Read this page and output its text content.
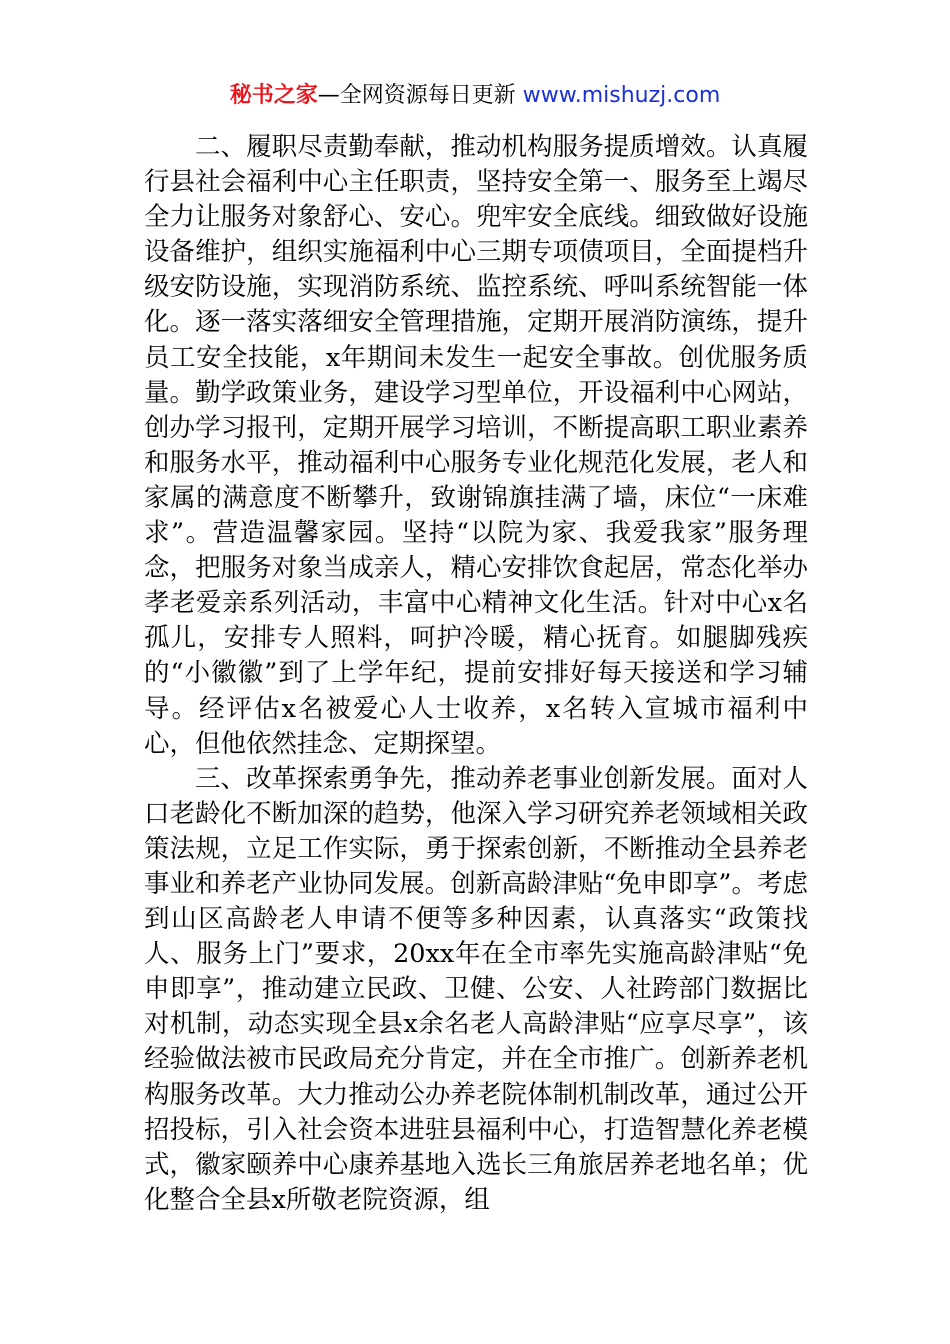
秘书之家—全网资源每日更新 www.mishuzj.com

二、履职尽责勤奉献，推动机构服务提质增效。认真履行县社会福利中心主任职责，坚持安全第一、服务至上竭尽全力让服务对象舒心、安心。兜牢安全底线。细致做好设施设备维护，组织实施福利中心三期专项债项目，全面提档升级安防设施，实现消防系统、监控系统、呼叫系统智能一体化。逐一落实落细安全管理措施，定期开展消防演练，提升员工安全技能，x年期间未发生一起安全事故。创优服务质量。勤学政策业务，建设学习型单位，开设福利中心网站，创办学习报刊，定期开展学习培训，不断提高职工职业素养和服务水平，推动福利中心服务专业化规范化发展，老人和家属的满意度不断攀升，致谢锦旗挂满了墙，床位“一床难求”。营造温馨家园。坚持“以院为家、我爱我家”服务理念，把服务对象当成亲人，精心安排饮食起居，常态化举办孝老爱亲系列活动，丰富中心精神文化生活。针对中心x名孤儿，安排专人照料，呵护冷暖，精心抚育。如腿脚残疾的“小徽徽”到了上学年纪，提前安排好每天接送和学习辅导。经评估x名被爱心人士收养，x名转入宣城市福利中心，但他依然挂念、定期探望。

三、改革探索勇争先，推动养老事业创新发展。面对人口老龄化不断加深的趋势，他深入学习研究养老领域相关政策法规，立足工作实际，勇于探索创新，不断推动全县养老事业和养老产业协同发展。创新高龄津贴“免申即享”。考虑到山区高龄老人申请不便等多种因素，认真落实“政策找人、服务上门”要求，20xx年在全市率先实施高龄津贴“免申即享”，推动建立民政、卫健、公安、人社跨部门数据比对机制，动态实现全县x余名老人高龄津贴“应享尽享”，该经验做法被市民政局充分肯定，并在全市推广。创新养老机构服务改革。大力推动公办养老院体制机制改革，通过公开招投标，引入社会资本进驻县福利中心，打造智慧化养老模式，徽家颐养中心康养基地入选长三角旅居养老地名单；优化整合全县x所敬老院资源，组
